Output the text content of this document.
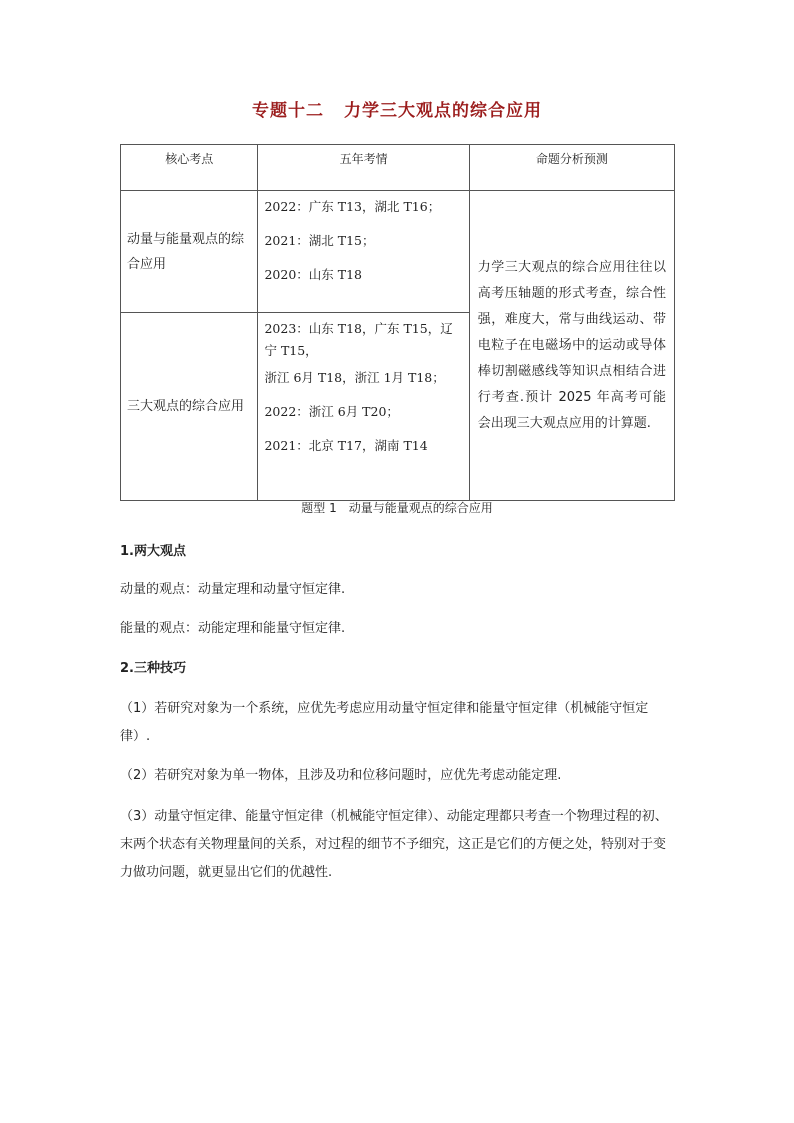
专题十二 力学三大观点的综合应用
核心考点	五年考情	命题分析预测
动量与能量观点的综合应用	2022：广东 T13，湖北 T16；
2021：湖北 T15；
2020：山东 T18	力学三大观点的综合应用往往以高考压轴题的形式考查，综合性强，难度大，常与曲线运动、带电粒子在电磁场中的运动或导体棒切割磁感线等知识点相结合进行考查.预计 2025 年高考可能会出现三大观点应用的计算题.
三大观点的综合应用	2023：山东 T18，广东 T15，辽宁 T15，
浙江 6月 T18，浙江 1月 T18；
2022：浙江 6月 T20；
2021：北京 T17，湖南 T14	
题型 1 动量与能量观点的综合应用
1.两大观点
动量的观点：动量定理和动量守恒定律.
能量的观点：动能定理和能量守恒定律.
2.三种技巧
（1）若研究对象为一个系统，应优先考虑应用动量守恒定律和能量守恒定律（机械能守恒定律）.
（2）若研究对象为单一物体，且涉及功和位移问题时，应优先考虑动能定理.
（3）动量守恒定律、能量守恒定律（机械能守恒定律）、动能定理都只考查一个物理过程的初、末两个状态有关物理量间的关系，对过程的细节不予细究，这正是它们的方便之处，特别对于变力做功问题，就更显出它们的优越性.
